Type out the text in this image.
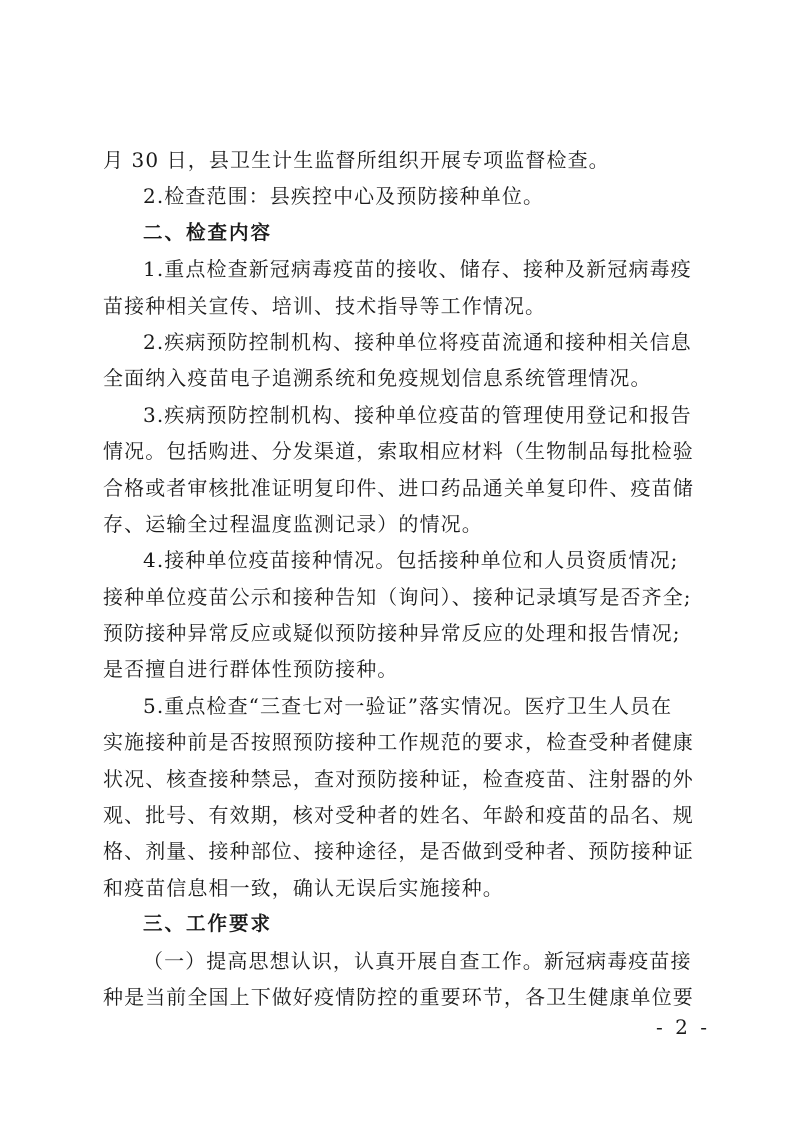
月 30 日，县卫生计生监督所组织开展专项监督检查。
2.检查范围：县疾控中心及预防接种单位。
二、检查内容
1.重点检查新冠病毒疫苗的接收、储存、接种及新冠病毒疫
苗接种相关宣传、培训、技术指导等工作情况。
2.疾病预防控制机构、接种单位将疫苗流通和接种相关信息
全面纳入疫苗电子追溯系统和免疫规划信息系统管理情况。
3.疾病预防控制机构、接种单位疫苗的管理使用登记和报告
情况。包括购进、分发渠道，索取相应材料（生物制品每批检验
合格或者审核批准证明复印件、进口药品通关单复印件、疫苗储
存、运输全过程温度监测记录）的情况。
4.接种单位疫苗接种情况。包括接种单位和人员资质情况;
接种单位疫苗公示和接种告知（询问）、接种记录填写是否齐全;
预防接种异常反应或疑似预防接种异常反应的处理和报告情况;
是否擅自进行群体性预防接种。
5.重点检查“三查七对一验证”落实情况。医疗卫生人员在
实施接种前是否按照预防接种工作规范的要求，检查受种者健康
状况、核查接种禁忌，查对预防接种证，检查疫苗、注射器的外
观、批号、有效期，核对受种者的姓名、年龄和疫苗的品名、规
格、剂量、接种部位、接种途径，是否做到受种者、预防接种证
和疫苗信息相一致，确认无误后实施接种。
三、工作要求
（一）提高思想认识，认真开展自查工作。新冠病毒疫苗接
种是当前全国上下做好疫情防控的重要环节，各卫生健康单位要
- 2 -
